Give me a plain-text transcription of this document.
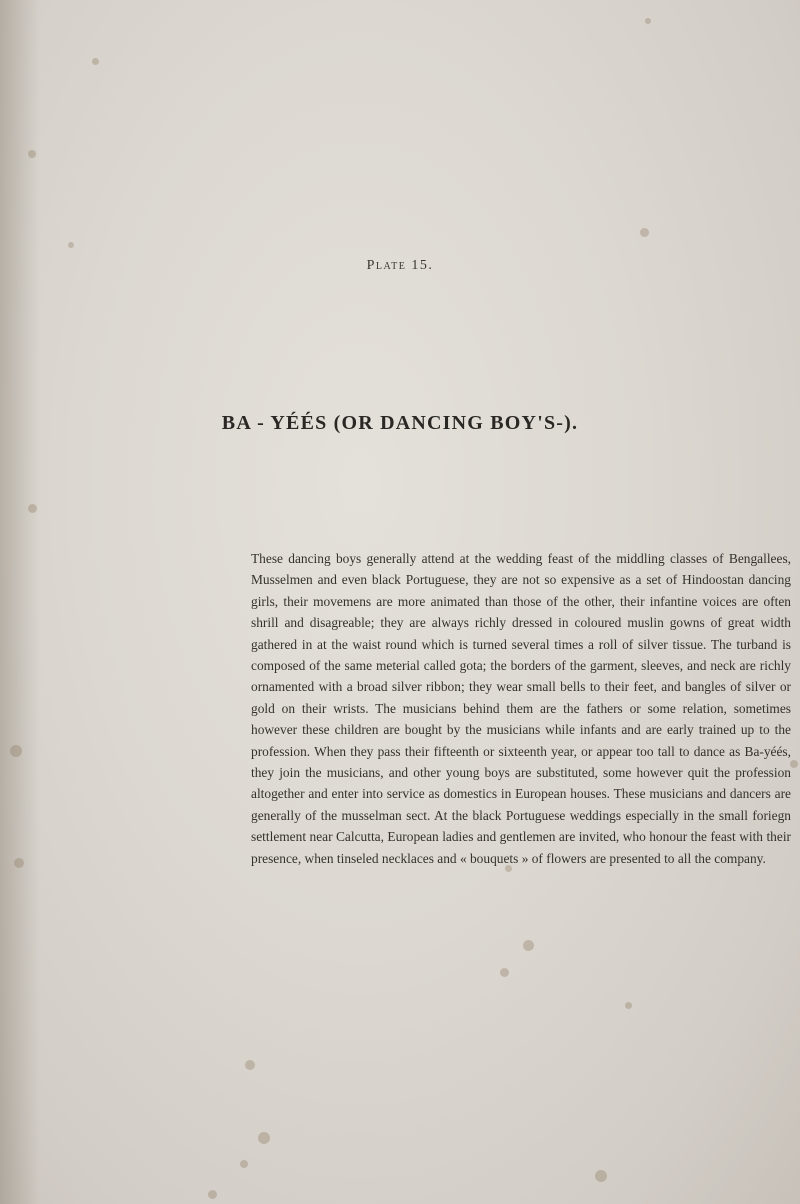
Plate 15.
BA - YÉÉS (OR DANCING BOY'S-).

These dancing boys generally attend at the wedding feast of the middling classes of Bengallees, Musselmen and even black Portuguese, they are not so expensive as a set of Hindoostan dancing girls, their movemens are more animated than those of the other, their infantine voices are often shrill and disagreable; they are always richly dressed in coloured muslin gowns of great width gathered in at the waist round which is turned several times a roll of silver tissue. The turband is composed of the same meterial called gota; the borders of the garment, sleeves, and neck are richly ornamented with a broad silver ribbon; they wear small bells to their feet, and bangles of silver or gold on their wrists. The musicians behind them are the fathers or some relation, sometimes however these children are bought by the musicians while infants and are early trained up to the profession. When they pass their fifteenth or sixteenth year, or appear too tall to dance as Ba-yéés, they join the musicians, and other young boys are substituted, some however quit the profession altogether and enter into service as domestics in European houses. These musicians and dancers are generally of the musselman sect. At the black Portuguese weddings especially in the small foriegn settlement near Calcutta, European ladies and gentlemen are invited, who honour the feast with their presence, when tinseled necklaces and « bouquets » of flowers are presented to all the company.
